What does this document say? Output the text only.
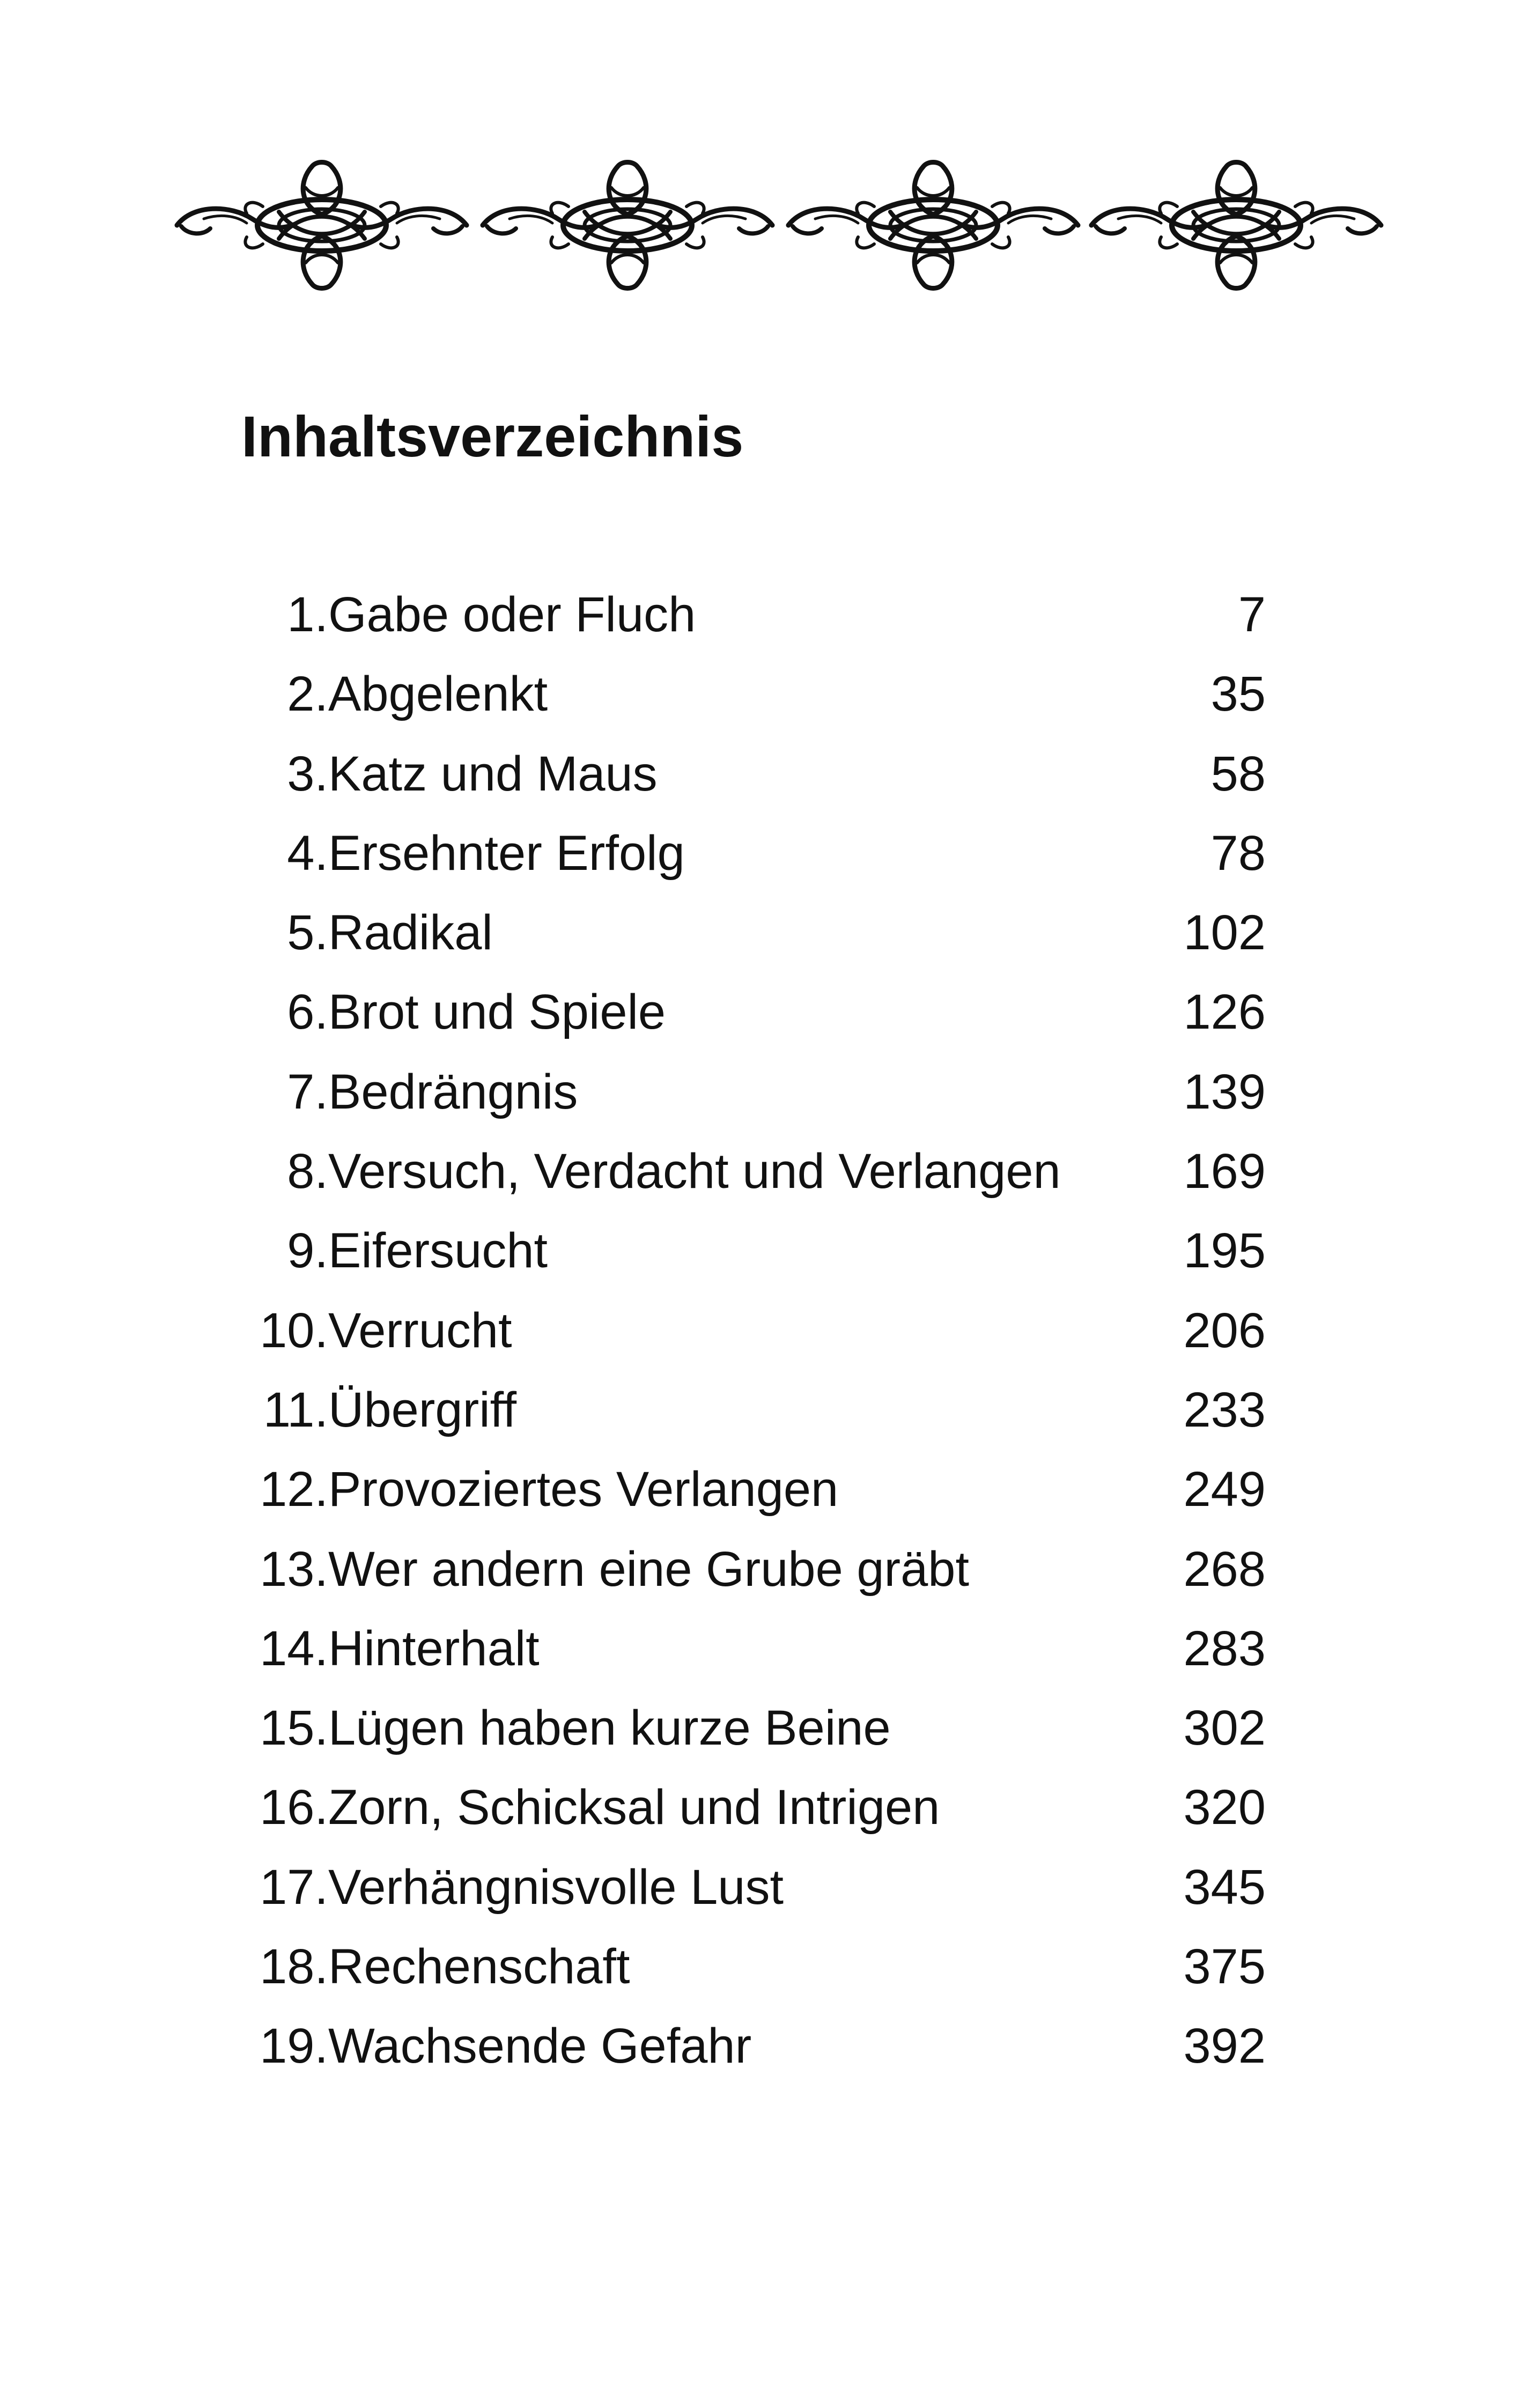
Inhaltsverzeichnis
1. Gabe oder Fluch	7
2. Abgelenkt	35
3. Katz und Maus	58
4. Ersehnter Erfolg	78
5. Radikal	102
6. Brot und Spiele	126
7. Bedrängnis	139
8. Versuch, Verdacht und Verlangen 169
9. Eifersucht	195
10. Verrucht	206
11. Übergriff	233
12. Provoziertes Verlangen	249
13. Wer andern eine Grube gräbt	268
14. Hinterhalt	283
15. Lügen haben kurze Beine	302
16. Zorn, Schicksal und Intrigen	320
17. Verhängnisvolle Lust	345
18. Rechenschaft	375
19. Wachsende Gefahr	392
